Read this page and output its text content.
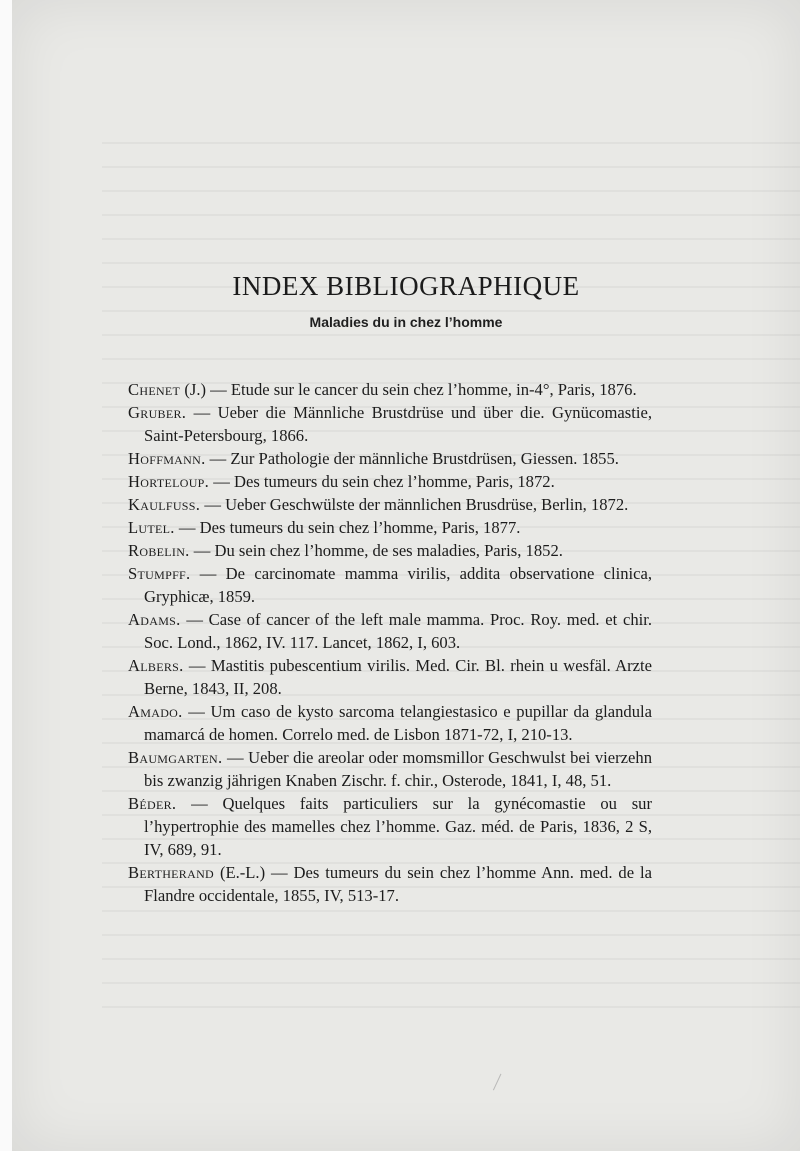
INDEX BIBLIOGRAPHIQUE
Maladies du in chez l’homme

Chenet (J.) — Etude sur le cancer du sein chez l’homme, in-4°, Paris, 1876.

Gruber. — Ueber die Männliche Brustdrüse und über die. Gynücomastie, Saint-Petersbourg, 1866.

Hoffmann. — Zur Pathologie der männliche Brustdrüsen, Giessen. 1855.

Horteloup. — Des tumeurs du sein chez l’homme, Paris, 1872.

Kaulfuss. — Ueber Geschwülste der männlichen Brusdrüse, Berlin, 1872.

Lutel. — Des tumeurs du sein chez l’homme, Paris, 1877.

Robelin. — Du sein chez l’homme, de ses maladies, Paris, 1852.

Stumpff. — De carcinomate mamma virilis, addita observatione clinica, Gryphicæ, 1859.

Adams. — Case of cancer of the left male mamma. Proc. Roy. med. et chir. Soc. Lond., 1862, IV. 117. Lancet, 1862, I, 603.

Albers. — Mastitis pubescentium virilis. Med. Cir. Bl. rhein u wesfäl. Arzte Berne, 1843, II, 208.

Amado. — Um caso de kysto sarcoma telangiestasico e pupillar da glandula mamarcá de homen. Correlo med. de Lisbon 1871-72, I, 210-13.

Baumgarten. — Ueber die areolar oder momsmillor Geschwulst bei vierzehn bis zwanzig jährigen Knaben Zischr. f. chir., Osterode, 1841, I, 48, 51.

Béder. — Quelques faits particuliers sur la gynécomastie ou sur l’hypertrophie des mamelles chez l’homme. Gaz. méd. de Paris, 1836, 2 S, IV, 689, 91.

Bertherand (E.-L.) — Des tumeurs du sein chez l’homme Ann. med. de la Flandre occidentale, 1855, IV, 513-17.
